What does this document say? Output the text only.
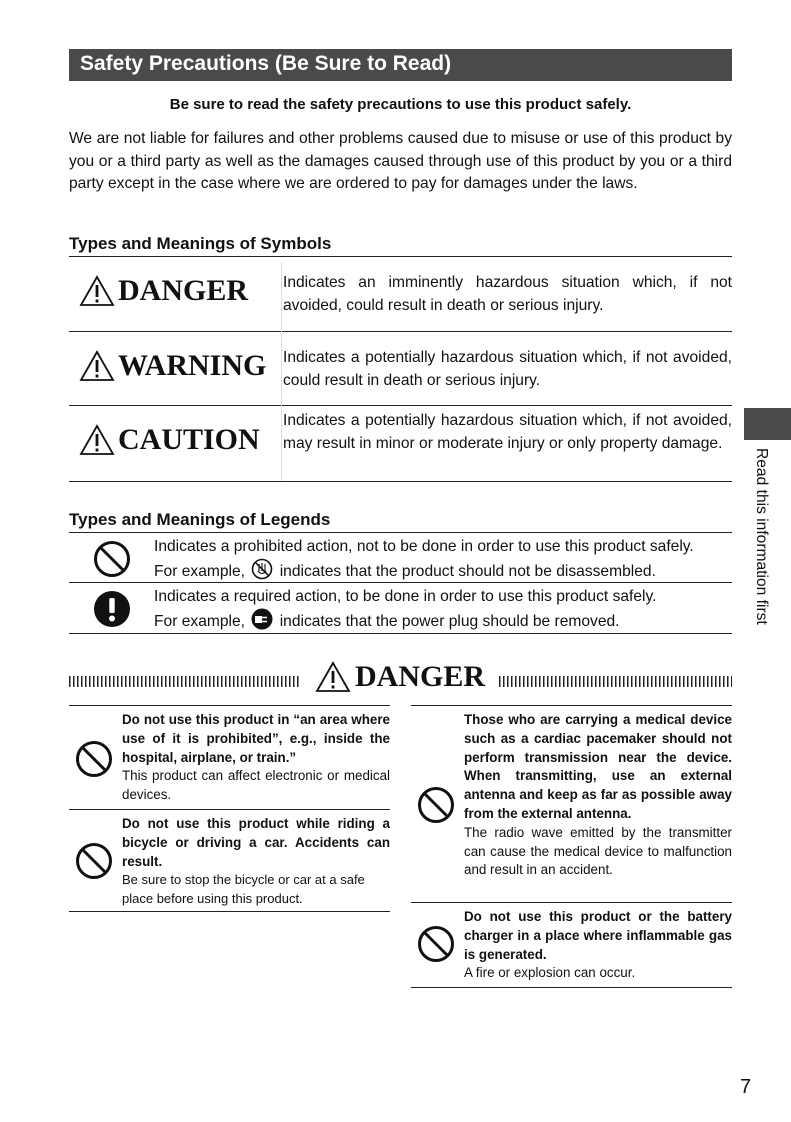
Safety Precautions (Be Sure to Read)
Be sure to read the safety precautions to use this product safely.
We are not liable for failures and other problems caused due to misuse or use of this product by you or a third party as well as the damages caused through use of this product by you or a third party except in the case where we are ordered to pay for damages under the laws.
Types and Meanings of Symbols
DANGER Indicates an imminently hazardous situation which, if not avoided, could result in death or serious injury.
WARNING Indicates a potentially hazardous situation which, if not avoided, could result in death or serious injury.
CAUTION
Indicates a potentially hazardous situation which, if not avoided, may result in minor or moderate injury or only property damage.
Types and Meanings of Legends
Indicates a prohibited action, not to be done in order to use this product safely.
For example, indicates that the product should not be disassembled.
Indicates a required action, to be done in order to use this product safely.
For example, indicates that the power plug should be removed.
DANGER
Do not use this product in “an area where use of it is prohibited”, e.g., inside the hospital, airplane, or train.”
This product can affect electronic or medical devices.
Do not use this product while riding a bicycle or driving a car. Accidents can result.
Be sure to stop the bicycle or car at a safe place before using this product.
Those who are carrying a medical device such as a cardiac pacemaker should not perform transmission near the device. When transmitting, use an external antenna and keep as far as possible away from the external antenna.
The radio wave emitted by the transmitter can cause the medical device to malfunction and result in an accident.
Do not use this product or the battery charger in a place where inflammable gas is generated.
A fire or explosion can occur.
Read this information first
7
